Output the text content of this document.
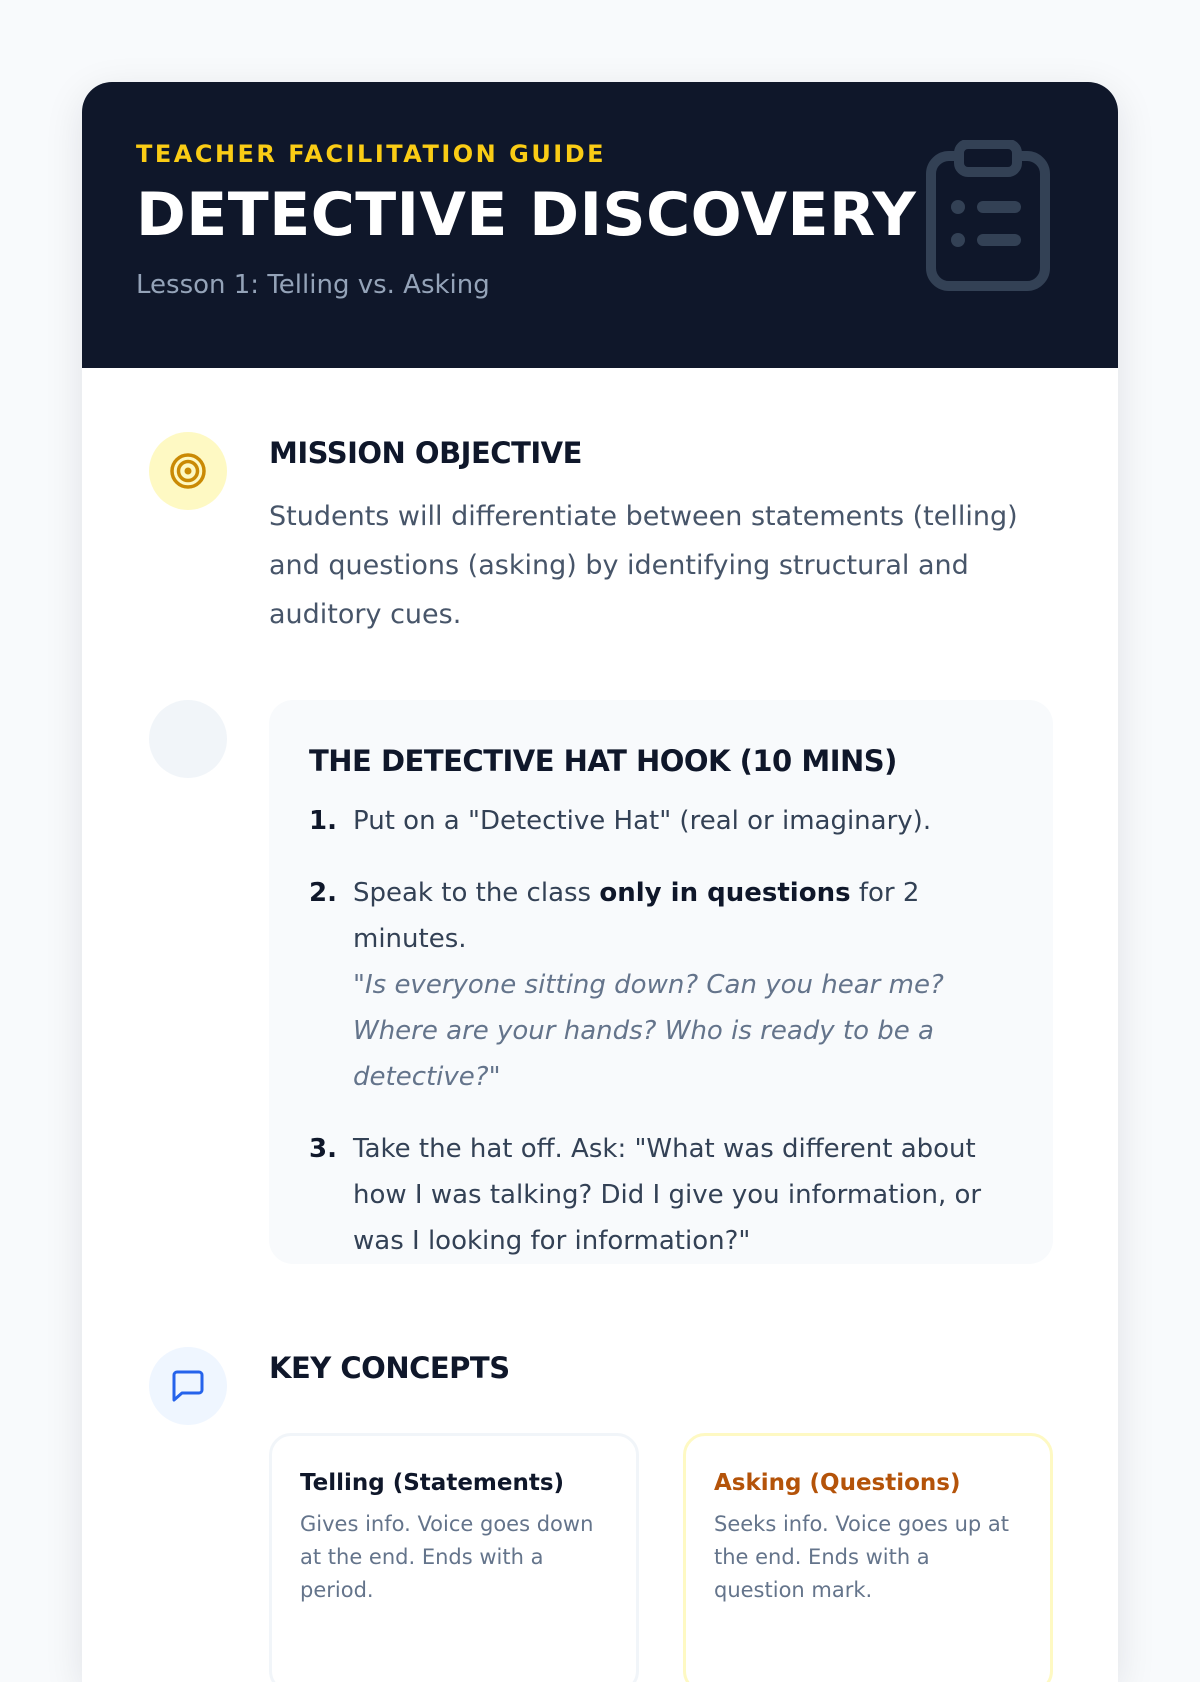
TEACHER FACILITATION GUIDE

DETECTIVE DISCOVERY

Lesson 1: Telling vs. Asking

MISSION OBJECTIVE

Students will differentiate between statements (telling) and questions (asking) by identifying structural and auditory cues.

THE DETECTIVE HAT HOOK (10 MINS)
1. Put on a "Detective Hat" (real or imaginary).
2. Speak to the class only in questions for 2 minutes.
"Is everyone sitting down? Can you hear me? Where are your hands? Who is ready to be a detective?"
3. Take the hat off. Ask: "What was different about how I was talking? Did I give you information, or was I looking for information?"
KEY CONCEPTS

Telling (Statements)

Gives info. Voice goes down at the end. Ends with a period.

Asking (Questions)

Seeks info. Voice goes up at the end. Ends with a question mark.
